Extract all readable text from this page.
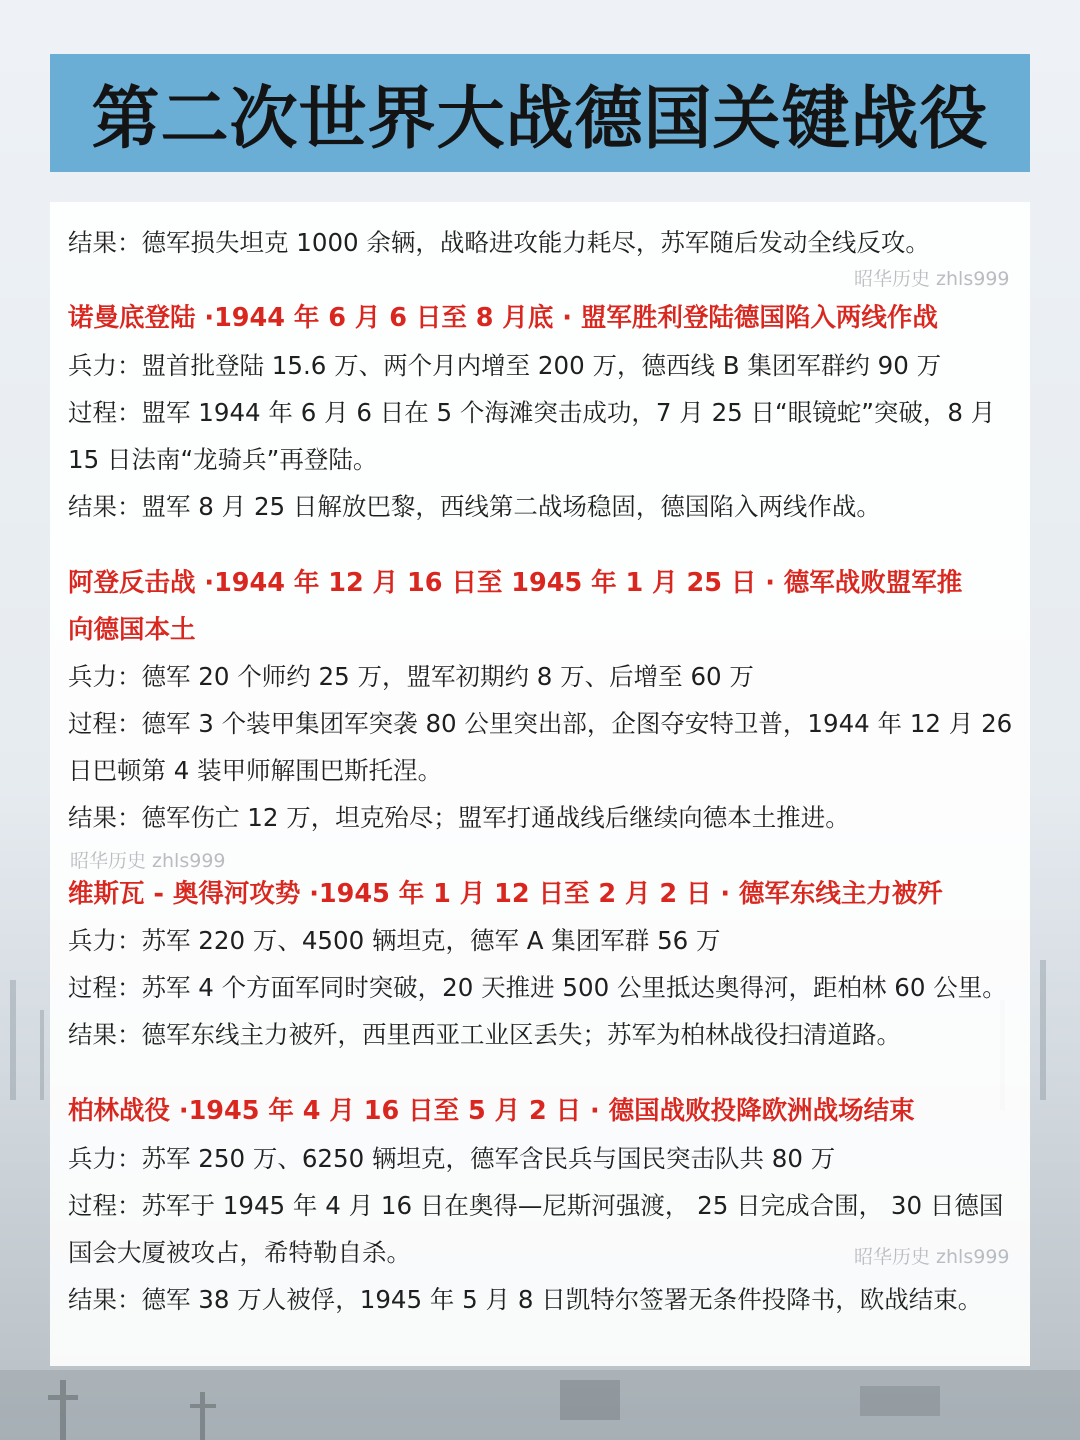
第二次世界大战德国关键战役
结果：德军损失坦克 1000 余辆，战略进攻能力耗尽，苏军随后发动全线反攻。
昭华历史 zhls999
诺曼底登陆 ·1944 年 6 月 6 日至 8 月底 · 盟军胜利登陆德国陷入两线作战
兵力：盟首批登陆 15.6 万、两个月内增至 200 万，德西线 B 集团军群约 90 万
过程：盟军 1944 年 6 月 6 日在 5 个海滩突击成功，7 月 25 日“眼镜蛇”突破，8 月
15 日法南“龙骑兵”再登陆。
结果：盟军 8 月 25 日解放巴黎，西线第二战场稳固，德国陷入两线作战。
阿登反击战 ·1944 年 12 月 16 日至 1945 年 1 月 25 日 · 德军战败盟军推
向德国本土
兵力：德军 20 个师约 25 万，盟军初期约 8 万、后增至 60 万
过程：德军 3 个装甲集团军突袭 80 公里突出部，企图夺安特卫普，1944 年 12 月 26
日巴顿第 4 装甲师解围巴斯托涅。
结果：德军伤亡 12 万，坦克殆尽；盟军打通战线后继续向德本土推进。
昭华历史 zhls999
维斯瓦 - 奥得河攻势 ·1945 年 1 月 12 日至 2 月 2 日 · 德军东线主力被歼
兵力：苏军 220 万、4500 辆坦克，德军 A 集团军群 56 万
过程：苏军 4 个方面军同时突破，20 天推进 500 公里抵达奥得河，距柏林 60 公里。
结果：德军东线主力被歼，西里西亚工业区丢失；苏军为柏林战役扫清道路。
柏林战役 ·1945 年 4 月 16 日至 5 月 2 日 · 德国战败投降欧洲战场结束
兵力：苏军 250 万、6250 辆坦克，德军含民兵与国民突击队共 80 万
过程：苏军于 1945 年 4 月 16 日在奥得—尼斯河强渡， 25 日完成合围， 30 日德国
国会大厦被攻占，希特勒自杀。	昭华历史 zhls999
结果：德军 38 万人被俘，1945 年 5 月 8 日凯特尔签署无条件投降书，欧战结束。
